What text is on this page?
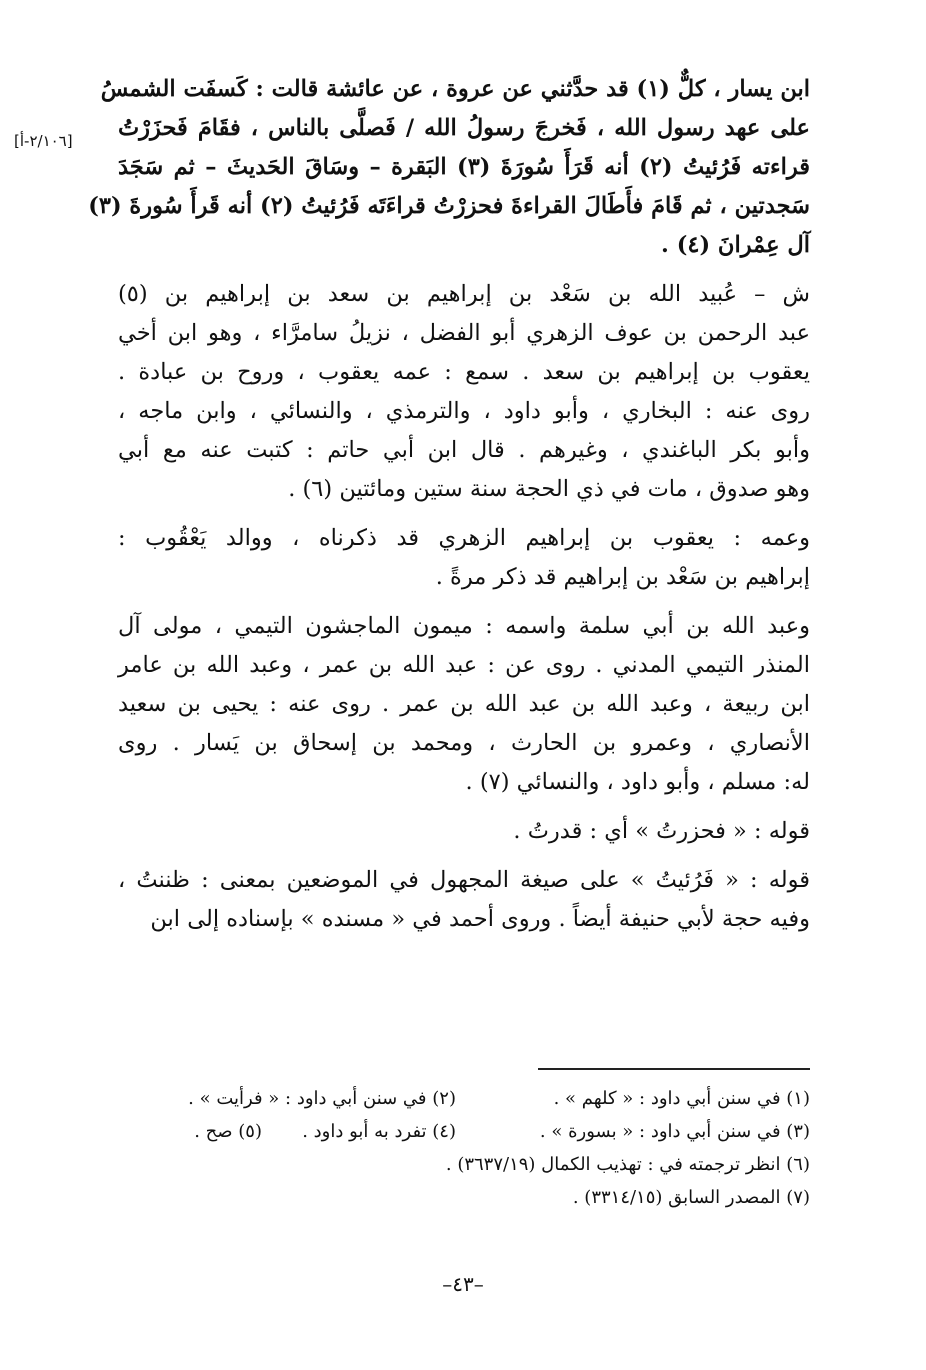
[٢/١٠٦-أ]
ابن يسار ، كلٌّ (١) قد حدَّثني عن عروة ، عن عائشة قالت : كَسفَت الشمسُ
على عهد رسول الله ، فَخرجَ رسولُ الله / فَصلَّى بالناس ، فقَامَ فَحزَرْتُ
قراءته فَرُئيتُ (٢) أنه قَرَأَ سُورَةَ (٣) البَقرة – وسَاقَ الحَديثَ – ثم سَجَدَ
سَجدتين ، ثم قَامَ فأَطَالَ القراءةَ فحزرْتُ قراءَتَه فَرُئيتُ (٢) أنه قَرأَ سُورةَ (٣)
آل عِمْرانَ (٤) .
ش – عُبيد الله بن سَعْد بن إبراهيم بن سعد بن إبراهيم بن (٥)
عبد الرحمن بن عوف الزهري أبو الفضل ، نزيلُ سامرَّاء ، وهو ابن أخي
يعقوب بن إبراهيم بن سعد . سمع : عمه يعقوب ، وروح بن عبادة .
روى عنه : البخاري ، وأبو داود ، والترمذي ، والنسائي ، وابن ماجه ،
وأبو بكر الباغندي ، وغيرهم . قال ابن أبي حاتم : كتبت عنه مع أبي
وهو صدوق ، مات في ذي الحجة سنة ستين ومائتين (٦) .
وعمه : يعقوب بن إبراهيم الزهري قد ذكرناه ، ووالد يَعْقُوب :
إبراهيم بن سَعْد بن إبراهيم قد ذكر مرةً .
وعبد الله بن أبي سلمة واسمه : ميمون الماجشون التيمي ، مولى آل
المنذر التيمي المدني . روى عن : عبد الله بن عمر ، وعبد الله بن عامر
ابن ربيعة ، وعبد الله بن عبد الله بن عمر . روى عنه : يحيى بن سعيد
الأنصاري ، وعمرو بن الحارث ، ومحمد بن إسحاق بن يَسار . روى
له: مسلم ، وأبو داود ، والنسائي (٧) .
قوله : « فحزرتُ » أي : قدرتُ .
قوله : « فَرُئيتُ » على صيغة المجهول في الموضعين بمعنى : ظننتُ ،
وفيه حجة لأبي حنيفة أيضاً . وروى أحمد في « مسنده » بإسناده إلى ابن
(١) في سنن أبي داود : « كلهم » .
(٢) في سنن أبي داود : « فرأيت » .
(٣) في سنن أبي داود : « بسورة » .
(٤) تفرد به أبو داود .
(٥) صح .
(٦) انظر ترجمته في : تهذيب الكمال (٣٦٣٧/١٩) .
(٧) المصدر السابق (٣٣١٤/١٥) .
–٤٣–
